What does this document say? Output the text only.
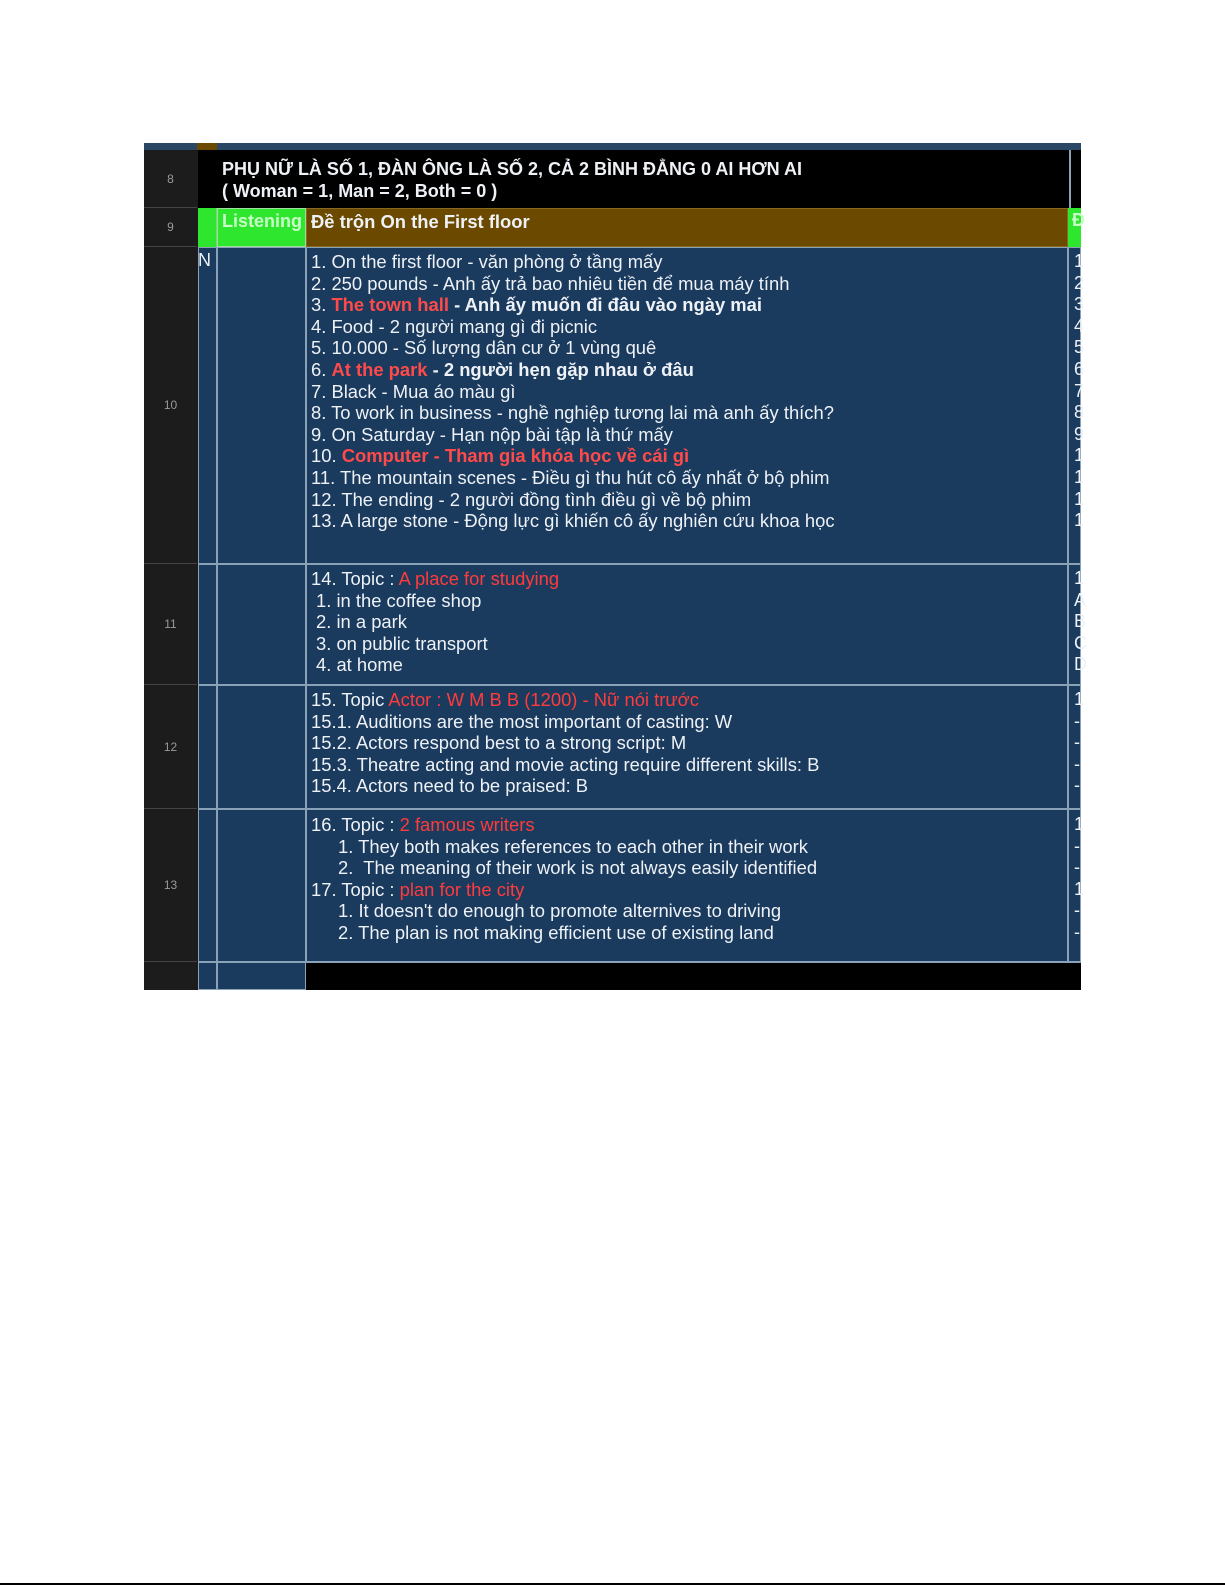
8
9
10
11
12
13
PHỤ NỮ LÀ SỐ 1, ĐÀN ÔNG LÀ SỐ 2, CẢ 2 BÌNH ĐẲNG 0 AI HƠN AI
( Woman = 1, Man = 2, Both = 0 )
Listening Đề trộn On the First floor	Đ
N	1. On the first floor - văn phòng ở tầng mấy
2. 250 pounds - Anh ấy trả bao nhiêu tiền để mua máy tính
3. The town hall - Anh ấy muốn đi đâu vào ngày mai
4. Food - 2 người mang gì đi picnic
5. 10.000 - Số lượng dân cư ở 1 vùng quê
6. At the park - 2 người hẹn gặp nhau ở đâu
7. Black - Mua áo màu gì
8. To work in business - nghề nghiệp tương lai mà anh ấy thích?
9. On Saturday - Hạn nộp bài tập là thứ mấy
10. Computer - Tham gia khóa học về cái gì
11. The mountain scenes - Điều gì thu hút cô ấy nhất ở bộ phim
12. The ending - 2 người đồng tình điều gì về bộ phim
13. A large stone - Động lực gì khiến cô ấy nghiên cứu khoa học
1
2
3
4
5
6
7
8
9
1
1
1
1
14. Topic : A place for studying
1. in the coffee shop
2. in a park
3. on public transport
4. at home
1
A
B
C
D
15. Topic Actor : W M B B (1200) - Nữ nói trước
15.1. Auditions are the most important of casting: W
15.2. Actors respond best to a strong script: M
15.3. Theatre acting and movie acting require different skills: B
15.4. Actors need to be praised: B
1
-
-
-
-
16. Topic : 2 famous writers
1. They both makes references to each other in their work
2.  The meaning of their work is not always easily identified
17. Topic : plan for the city
1. It doesn't do enough to promote alternives to driving
2. The plan is not making efficient use of existing land
1
-
-
1
-
-
